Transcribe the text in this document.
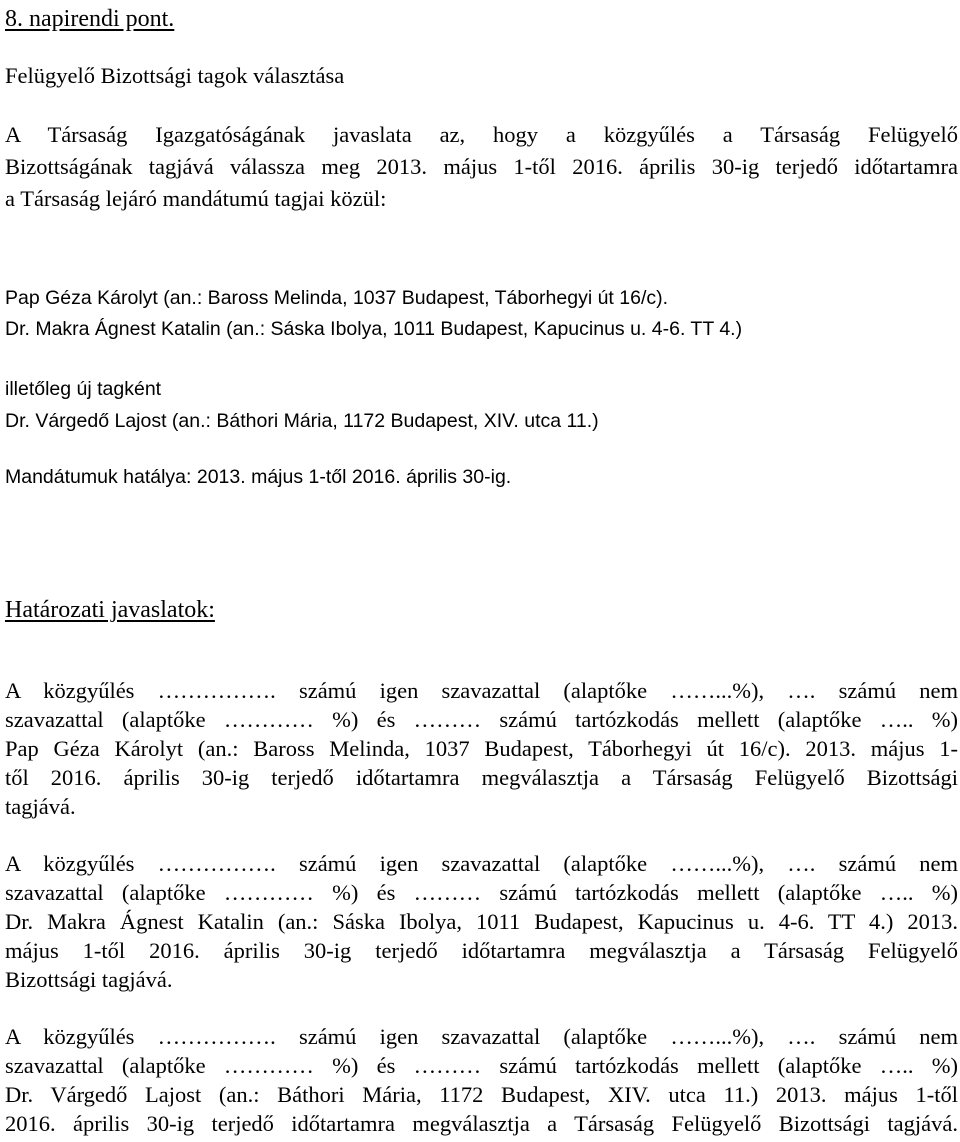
8. napirendi pont.
Felügyelő Bizottsági tagok választása
A Társaság Igazgatóságának javaslata az, hogy a közgyűlés a Társaság Felügyelő
Bizottságának tagjává válassza meg 2013. május 1-től 2016. április 30-ig terjedő időtartamra
a Társaság lejáró mandátumú tagjai közül:
Pap Géza Károlyt (an.: Baross Melinda, 1037 Budapest, Táborhegyi út 16/c).
Dr. Makra Ágnest Katalin (an.: Sáska Ibolya, 1011 Budapest, Kapucinus u. 4-6. TT 4.)
illetőleg új tagként
Dr. Várgedő Lajost (an.: Báthori Mária, 1172 Budapest, XIV. utca 11.)
Mandátumuk hatálya: 2013. május 1-től 2016. április 30-ig.
Határozati javaslatok:
A közgyűlés ……………. számú igen szavazattal (alaptőke ……...%), …. számú nem
szavazattal (alaptőke ………… %) és ……… számú tartózkodás mellett (alaptőke ….. %)
Pap Géza Károlyt (an.: Baross Melinda, 1037 Budapest, Táborhegyi út 16/c). 2013. május 1-
től 2016. április 30-ig terjedő időtartamra megválasztja a Társaság Felügyelő Bizottsági
tagjává.
A közgyűlés ……………. számú igen szavazattal (alaptőke ……...%), …. számú nem
szavazattal (alaptőke ………… %) és ……… számú tartózkodás mellett (alaptőke ….. %)
Dr. Makra Ágnest Katalin (an.: Sáska Ibolya, 1011 Budapest, Kapucinus u. 4-6. TT 4.) 2013.
május 1-től 2016. április 30-ig terjedő időtartamra megválasztja a Társaság Felügyelő
Bizottsági tagjává.
A közgyűlés ……………. számú igen szavazattal (alaptőke ……...%), …. számú nem
szavazattal (alaptőke ………… %) és ……… számú tartózkodás mellett (alaptőke ….. %)
Dr. Várgedő Lajost (an.: Báthori Mária, 1172 Budapest, XIV. utca 11.) 2013. május 1-től
2016. április 30-ig terjedő időtartamra megválasztja a Társaság Felügyelő Bizottsági tagjává.
